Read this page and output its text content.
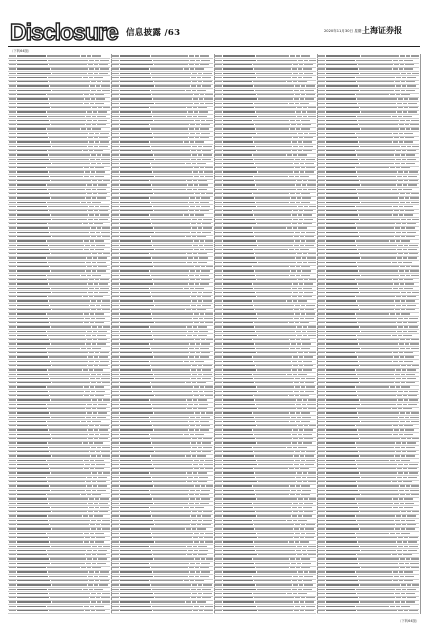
Disclosure 信息披露 /63	2020年11月30日 星期一
上海证券报
（下转64版）
（下转64版）
